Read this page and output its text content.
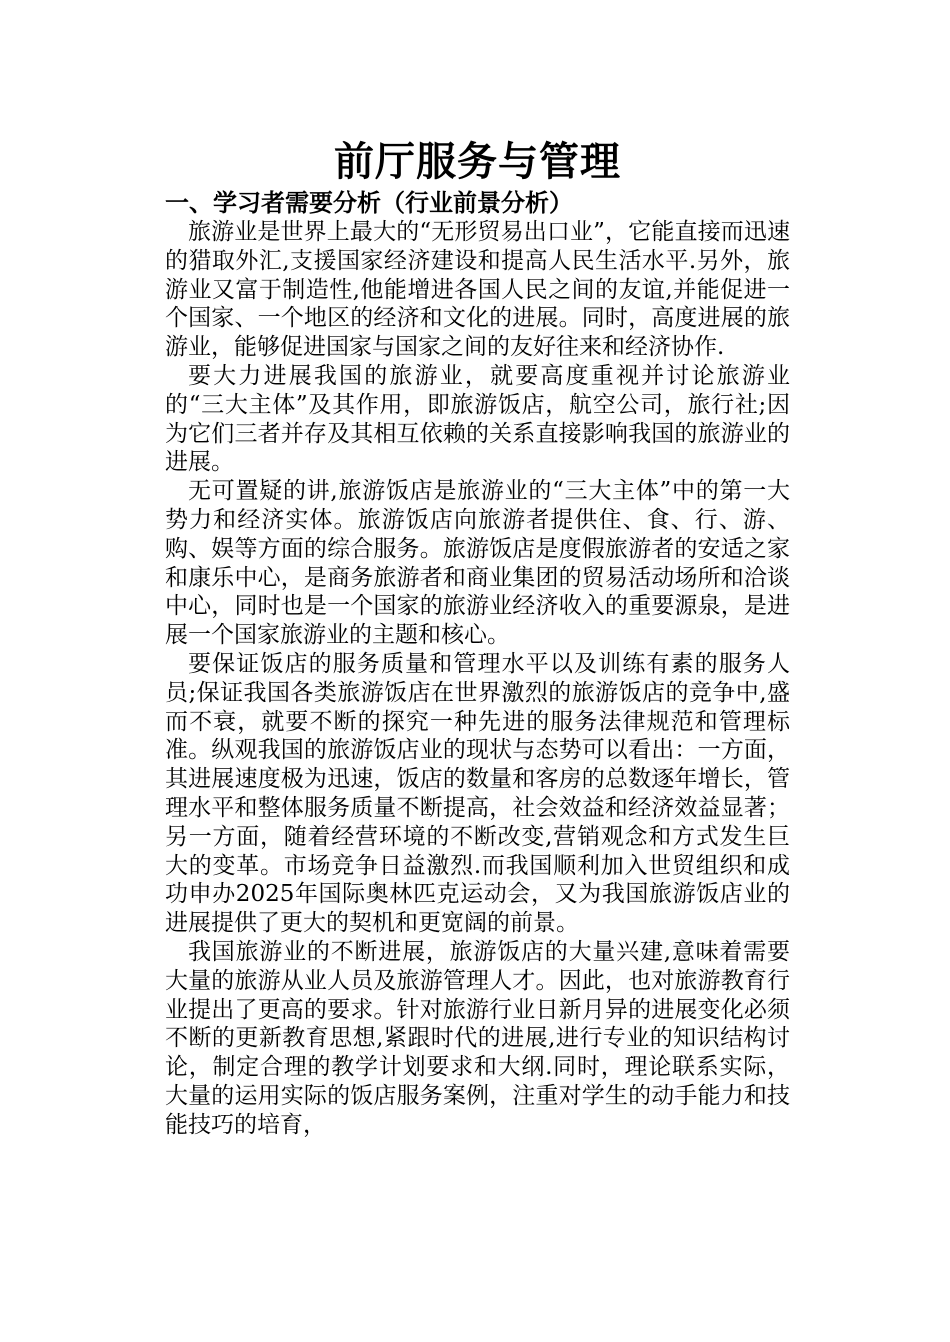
前厅服务与管理
一、学习者需要分析（行业前景分析）

旅游业是世界上最大的“无形贸易出口业”，它能直接而迅速的猎取外汇,支援国家经济建设和提高人民生活水平.另外，旅游业又富于制造性,他能增进各国人民之间的友谊,并能促进一个国家、一个地区的经济和文化的进展。同时，高度进展的旅游业，能够促进国家与国家之间的友好往来和经济协作.

要大力进展我国的旅游业，就要高度重视并讨论旅游业的“三大主体”及其作用，即旅游饭店，航空公司，旅行社;因为它们三者并存及其相互依赖的关系直接影响我国的旅游业的进展。

无可置疑的讲,旅游饭店是旅游业的“三大主体”中的第一大势力和经济实体。旅游饭店向旅游者提供住、食、行、游、购、娱等方面的综合服务。旅游饭店是度假旅游者的安适之家和康乐中心，是商务旅游者和商业集团的贸易活动场所和洽谈中心，同时也是一个国家的旅游业经济收入的重要源泉，是进展一个国家旅游业的主题和核心。

要保证饭店的服务质量和管理水平以及训练有素的服务人员;保证我国各类旅游饭店在世界激烈的旅游饭店的竞争中,盛而不衰，就要不断的探究一种先进的服务法律规范和管理标准。纵观我国的旅游饭店业的现状与态势可以看出：一方面，其进展速度极为迅速，饭店的数量和客房的总数逐年增长，管理水平和整体服务质量不断提高，社会效益和经济效益显著；另一方面，随着经营环境的不断改变,营销观念和方式发生巨大的变革。市场竞争日益激烈.而我国顺利加入世贸组织和成功申办2025年国际奥林匹克运动会，又为我国旅游饭店业的进展提供了更大的契机和更宽阔的前景。

我国旅游业的不断进展，旅游饭店的大量兴建,意味着需要大量的旅游从业人员及旅游管理人才。因此，也对旅游教育行业提出了更高的要求。针对旅游行业日新月异的进展变化必须不断的更新教育思想,紧跟时代的进展,进行专业的知识结构讨论，制定合理的教学计划要求和大纲.同时，理论联系实际，大量的运用实际的饭店服务案例，注重对学生的动手能力和技能技巧的培育，
